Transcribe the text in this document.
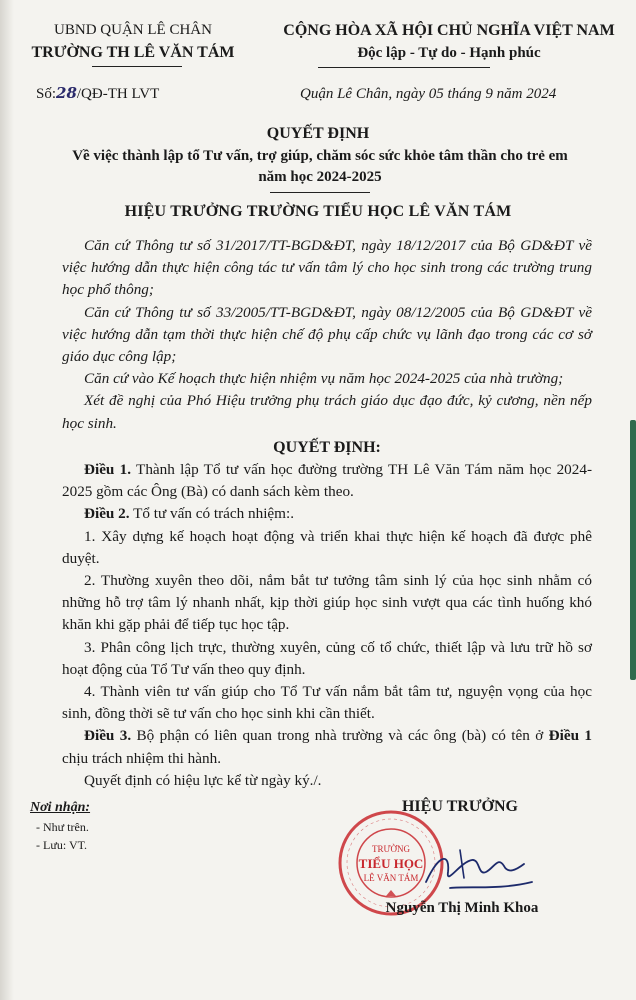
UBND QUẬN LÊ CHÂN
TRƯỜNG TH LÊ VĂN TÁM
CỘNG HÒA XÃ HỘI CHỦ NGHĨA VIỆT NAM
Độc lập - Tự do - Hạnh phúc
Số:28/QĐ-TH LVT	Quận Lê Chân, ngày 05 tháng 9 năm 2024
QUYẾT ĐỊNH
Về việc thành lập tổ Tư vấn, trợ giúp, chăm sóc sức khỏe tâm thần cho trẻ em năm học 2024-2025
HIỆU TRƯỞNG TRƯỜNG TIỂU HỌC LÊ VĂN TÁM

Căn cứ Thông tư số 31/2017/TT-BGD&ĐT, ngày 18/12/2017 của Bộ GD&ĐT về việc hướng dẫn thực hiện công tác tư vấn tâm lý cho học sinh trong các trường trung học phổ thông;

Căn cứ Thông tư số 33/2005/TT-BGD&ĐT, ngày 08/12/2005 của Bộ GD&ĐT về việc hướng dẫn tạm thời thực hiện chế độ phụ cấp chức vụ lãnh đạo trong các cơ sở giáo dục công lập;

Căn cứ vào Kế hoạch thực hiện nhiệm vụ năm học 2024-2025 của nhà trường;

Xét đề nghị của Phó Hiệu trưởng phụ trách giáo dục đạo đức, kỷ cương, nền nếp học sinh.

QUYẾT ĐỊNH:

Điều 1. Thành lập Tổ tư vấn học đường trường TH Lê Văn Tám năm học 2024-2025 gồm các Ông (Bà) có danh sách kèm theo.

Điều 2. Tổ tư vấn có trách nhiệm:.

1. Xây dựng kế hoạch hoạt động và triển khai thực hiện kế hoạch đã được phê duyệt.

2. Thường xuyên theo dõi, nắm bắt tư tưởng tâm sinh lý của học sinh nhằm có những hỗ trợ tâm lý nhanh nhất, kịp thời giúp học sinh vượt qua các tình huống khó khăn khi gặp phải để tiếp tục học tập.

3. Phân công lịch trực, thường xuyên, củng cố tổ chức, thiết lập và lưu trữ hồ sơ hoạt động của Tổ Tư vấn theo quy định.

4. Thành viên tư vấn giúp cho Tổ Tư vấn nắm bắt tâm tư, nguyện vọng của học sinh, đồng thời sẽ tư vấn cho học sinh khi cần thiết.

Điều 3. Bộ phận có liên quan trong nhà trường và các ông (bà) có tên ở Điều 1 chịu trách nhiệm thi hành.

Quyết định có hiệu lực kể từ ngày ký./.

Nơi nhận:
- Như trên.
- Lưu: VT.
HIỆU TRƯỞNG
TRƯỜNG
TIỂU HỌC
LÊ VĂN TÁM
Nguyễn Thị Minh Khoa
